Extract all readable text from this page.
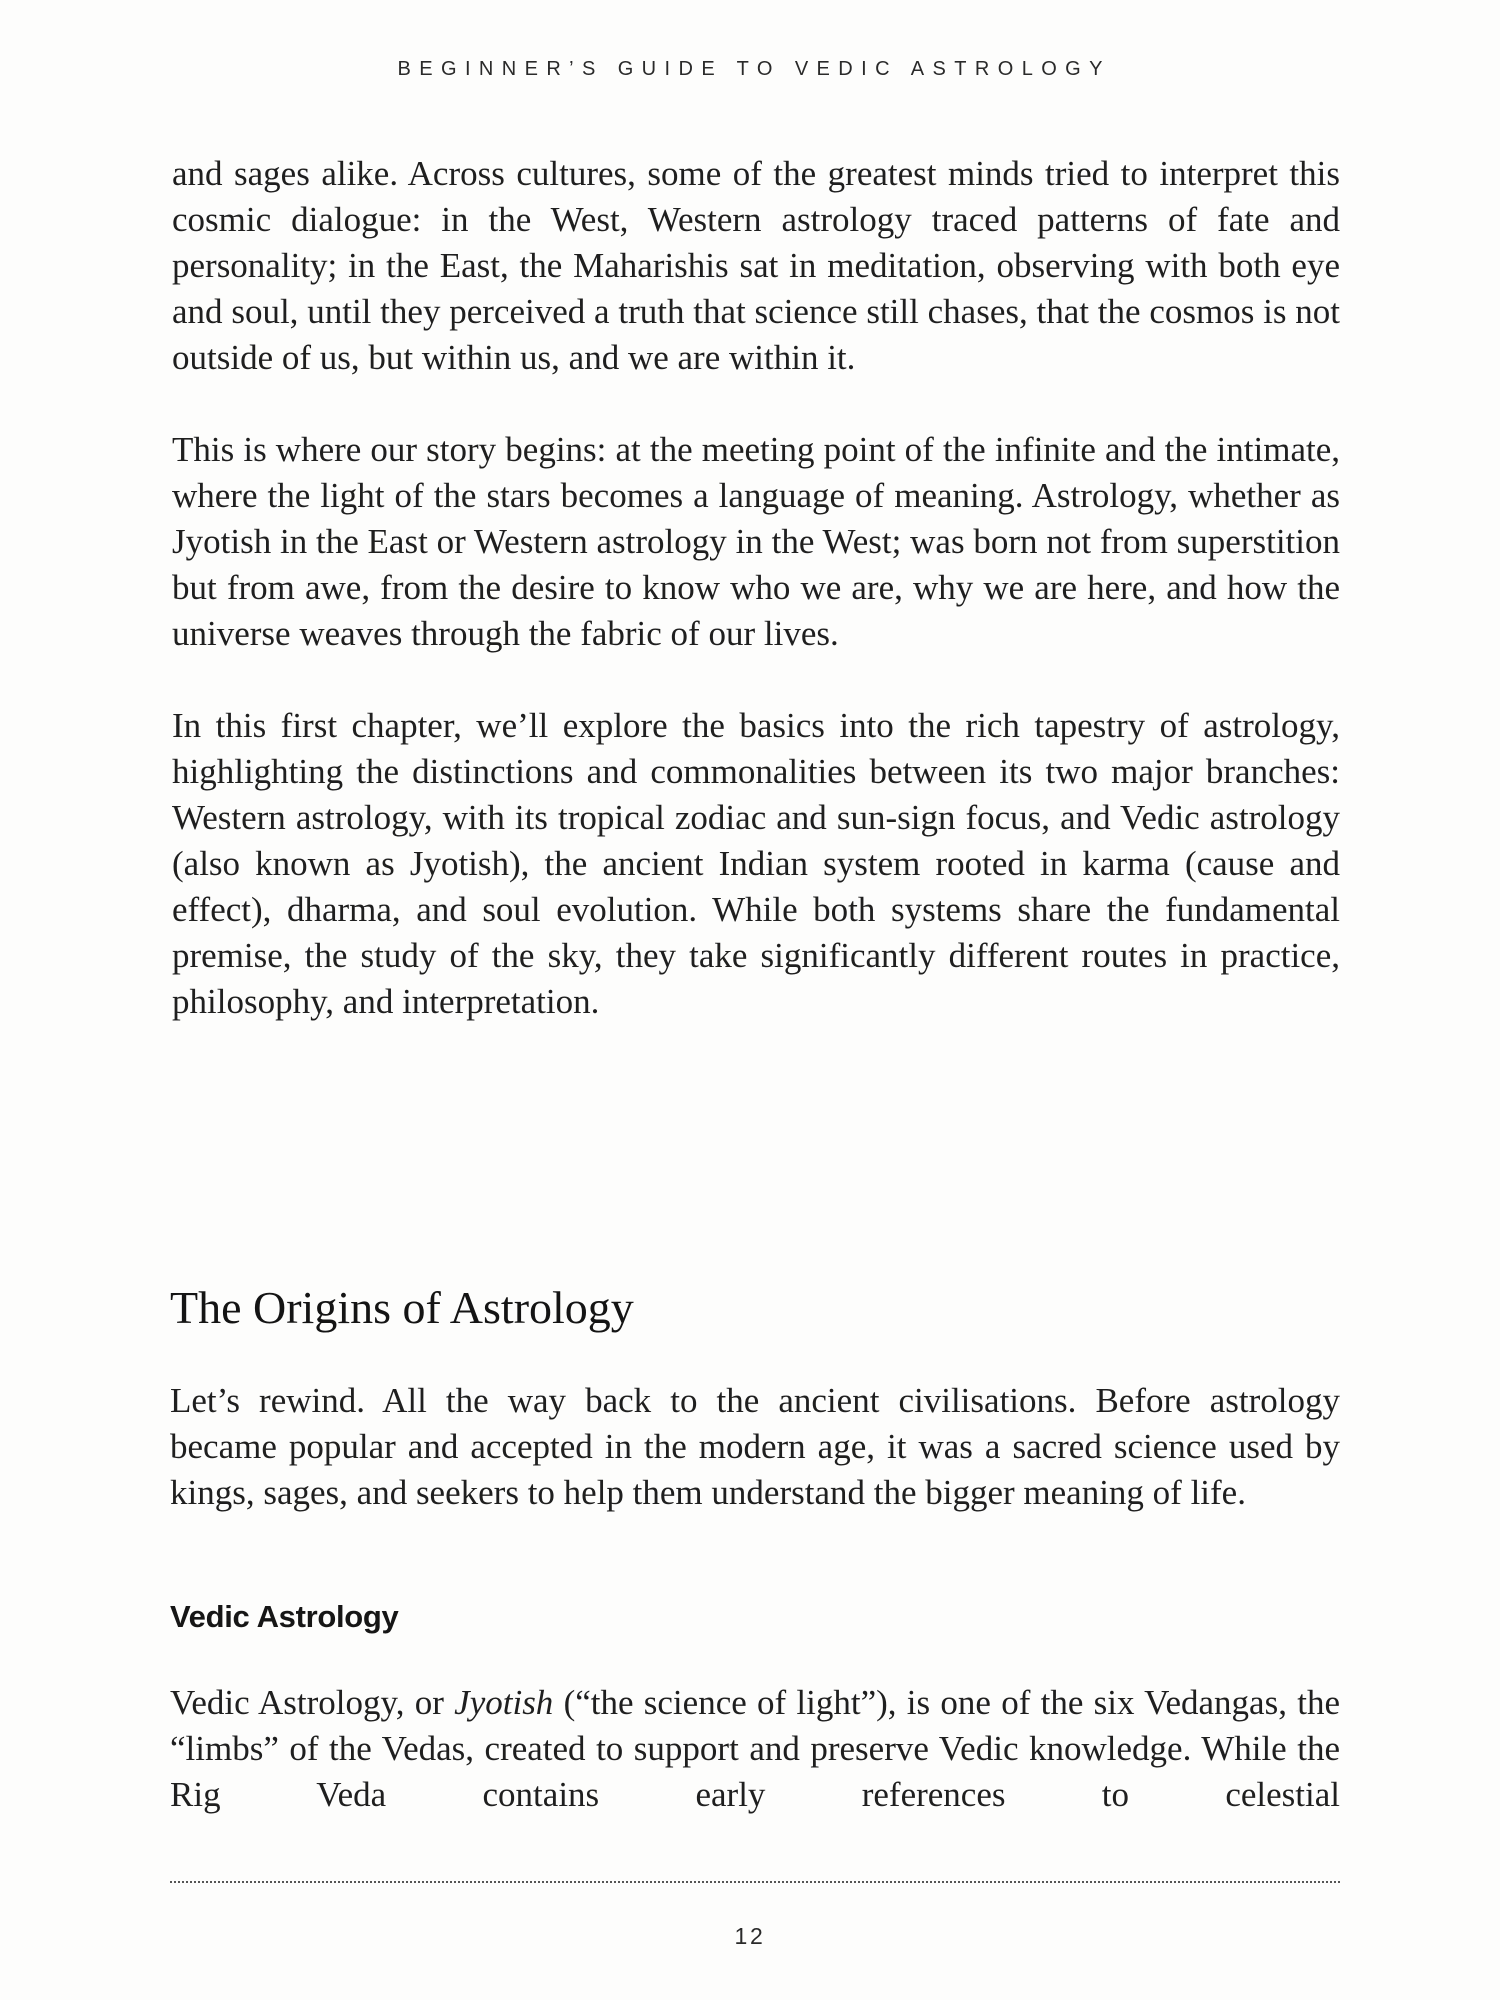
BEGINNER’S GUIDE TO VEDIC ASTROLOGY

and sages alike. Across cultures, some of the greatest minds tried to interpret this cosmic dialogue: in the West, Western astrology traced patterns of fate and personality; in the East, the Maharishis sat in meditation, observing with both eye and soul, until they perceived a truth that science still chases, that the cosmos is not outside of us, but within us, and we are within it.

This is where our story begins: at the meeting point of the infinite and the intimate, where the light of the stars becomes a language of meaning. Astrology, whether as Jyotish in the East or Western astrology in the West; was born not from superstition but from awe, from the desire to know who we are, why we are here, and how the universe weaves through the fabric of our lives.

In this first chapter, we’ll explore the basics into the rich tapestry of astrology, highlighting the distinctions and commonalities between its two major branches: Western astrology, with its tropical zodiac and sun-sign focus, and Vedic astrology (also known as Jyotish), the ancient Indian system rooted in karma (cause and effect), dharma, and soul evolution. While both systems share the fundamental premise, the study of the sky, they take significantly different routes in practice, philosophy, and interpretation.

The Origins of Astrology

Let’s rewind. All the way back to the ancient civilisations. Before astrology became popular and accepted in the modern age, it was a sacred science used by kings, sages, and seekers to help them understand the bigger meaning of life.

Vedic Astrology

Vedic Astrology, or Jyotish (“the science of light”), is one of the six Vedangas, the “limbs” of the Vedas, created to support and preserve Vedic knowledge. While the Rig Veda contains early references to celestial

12
